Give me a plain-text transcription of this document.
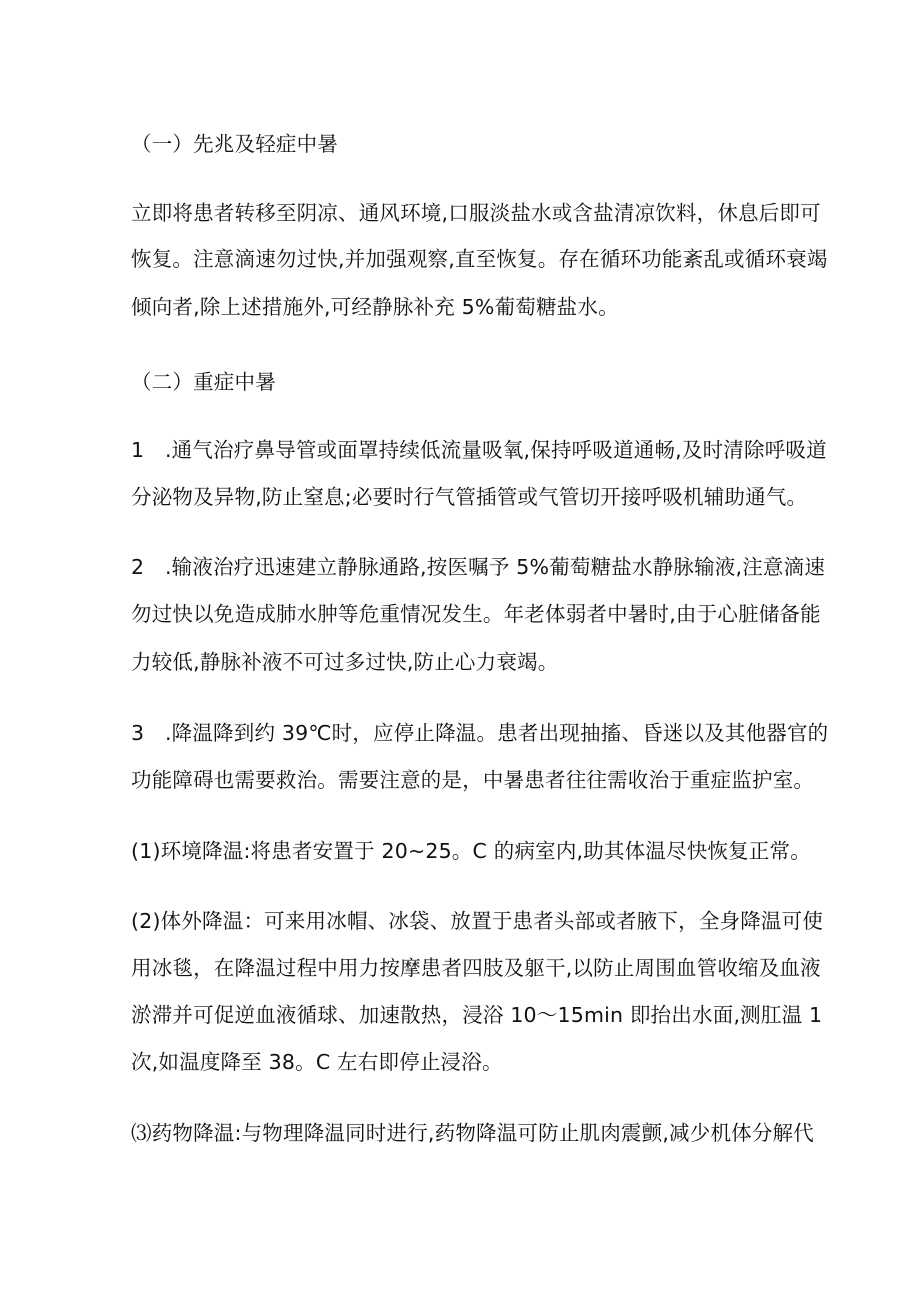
（一）先兆及轻症中暑
立即将患者转移至阴凉、通风环境,口服淡盐水或含盐清凉饮料，休息后即可
恢复。注意滴速勿过快,并加强观察,直至恢复。存在循环功能紊乱或循环衰竭
倾向者,除上述措施外,可经静脉补充 5%葡萄糖盐水。
（二）重症中暑
1　.通气治疗鼻导管或面罩持续低流量吸氧,保持呼吸道通畅,及时清除呼吸道
分泌物及异物,防止窒息;必要时行气管插管或气管切开接呼吸机辅助通气。
2　.输液治疗迅速建立静脉通路,按医嘱予 5%葡萄糖盐水静脉输液,注意滴速
勿过快以免造成肺水肿等危重情况发生。年老体弱者中暑时,由于心脏储备能
力较低,静脉补液不可过多过快,防止心力衰竭。
3　.降温降到约 39℃时，应停止降温。患者出现抽搐、昏迷以及其他器官的
功能障碍也需要救治。需要注意的是，中暑患者往往需收治于重症监护室。
(1)环境降温:将患者安置于 20~25。C 的病室内,助其体温尽快恢复正常。
(2)体外降温：可来用冰帽、冰袋、放置于患者头部或者腋下，全身降温可使
用冰毯，在降温过程中用力按摩患者四肢及躯干,以防止周围血管收缩及血液
淤滞并可促逆血液循球、加速散热，浸浴 10〜15min 即抬出水面,测肛温 1
次,如温度降至 38。C 左右即停止浸浴。
⑶药物降温:与物理降温同时进行,药物降温可防止肌肉震颤,减少机体分解代
